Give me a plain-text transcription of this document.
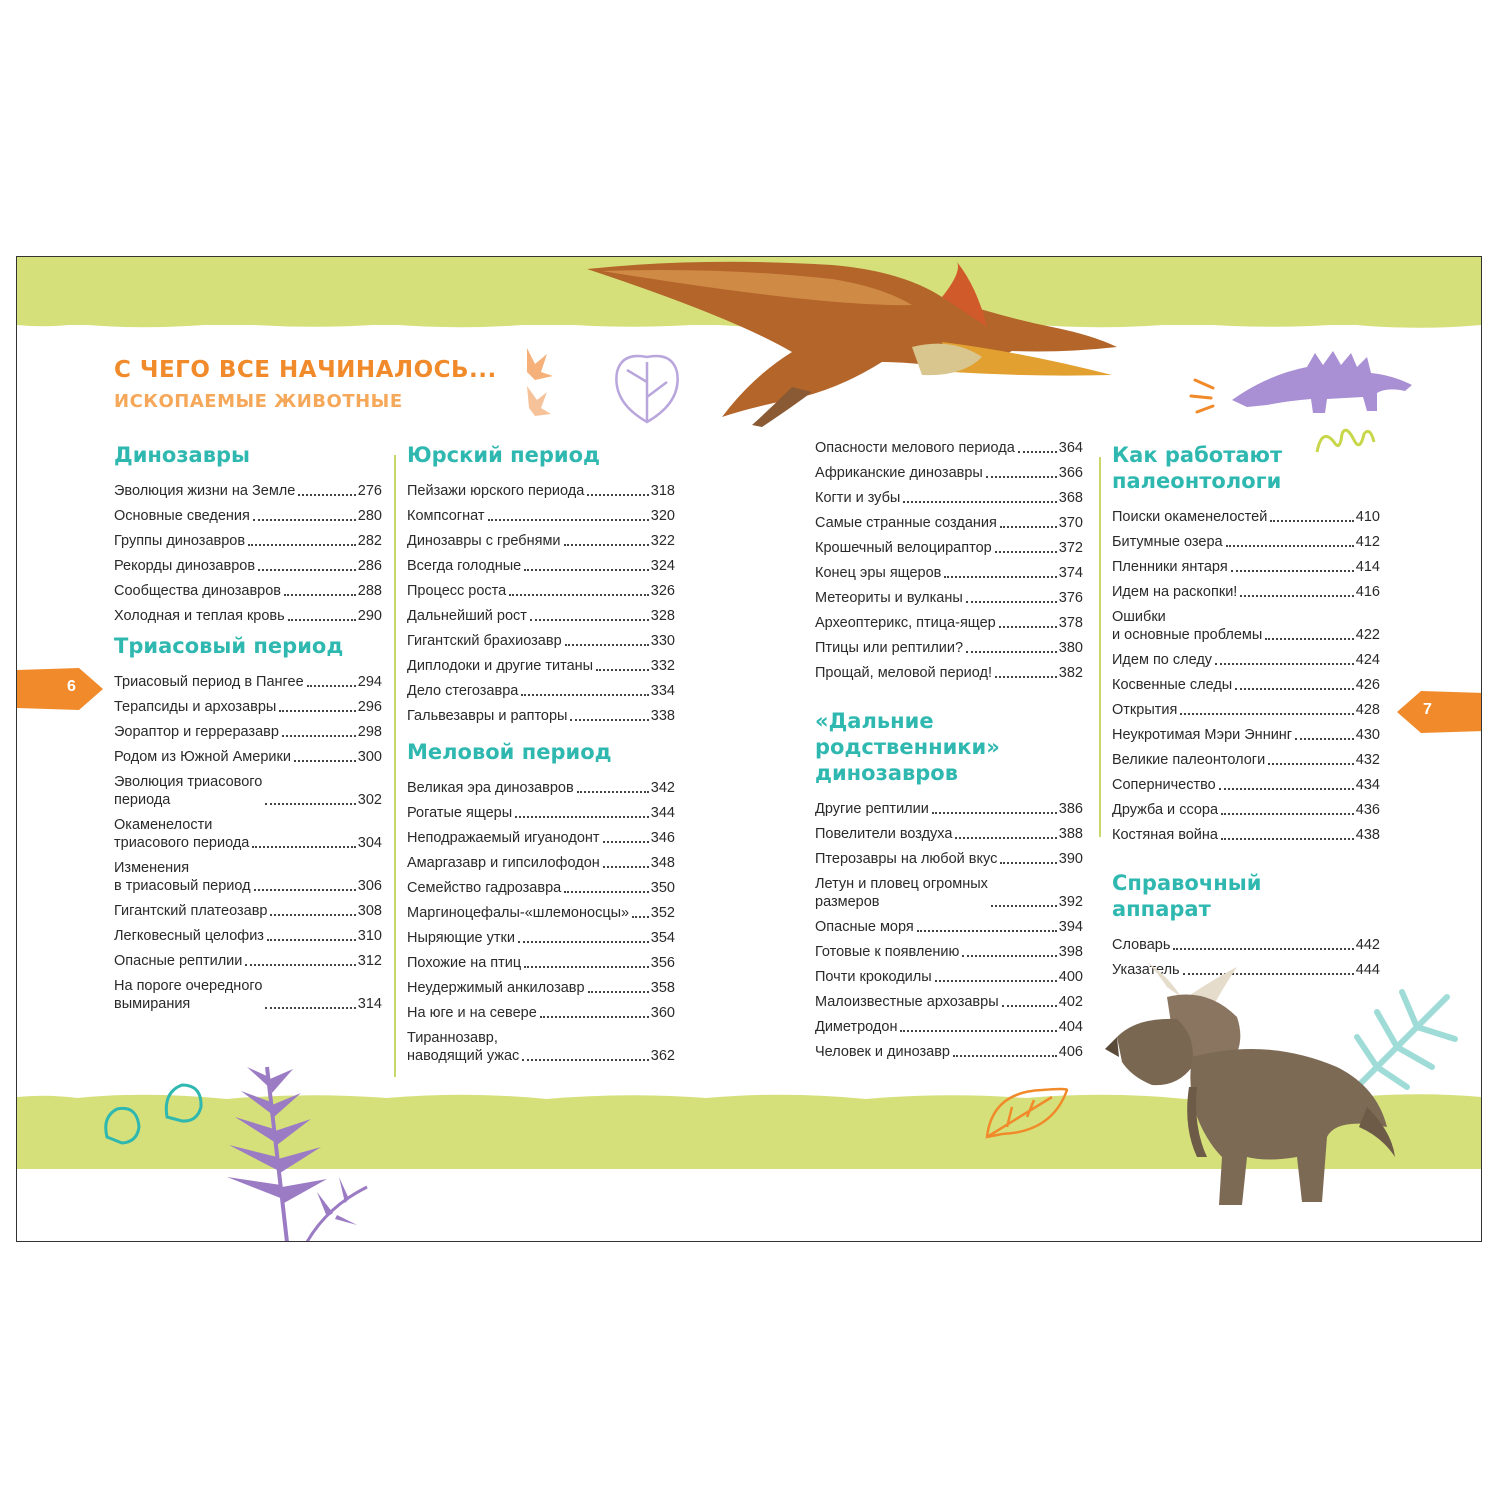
6
7
С ЧЕГО ВСЕ НАЧИНАЛОСЬ...
ИСКОПАЕМЫЕ ЖИВОТНЫЕ
Динозавры
Эволюция жизни на Земле	276
Основные сведения	280
Группы динозавров	282
Рекорды динозавров	286
Сообщества динозавров	288
Холодная и теплая кровь	290
Триасовый период
Триасовый период в Пангее	294
Терапсиды и архозавры	296
Эораптор и герреразавр	298
Родом из Южной Америки	300
Эволюция триасового
периода	302
Окаменелости
триасового периода	304
Изменения
в триасовый период	306
Гигантский платеозавр	308
Легковесный целофиз	310
Опасные рептилии	312
На пороге очередного
вымирания	314
Юрский период
Пейзажи юрского периода	318
Компсогнат	320
Динозавры с гребнями	322
Всегда голодные	324
Процесс роста	326
Дальнейший рост	328
Гигантский брахиозавр	330
Диплодоки и другие титаны	332
Дело стегозавра	334
Гальвезавры и рапторы	338
Меловой период
Великая эра динозавров	342
Рогатые ящеры	344
Неподражаемый игуанодонт	346
Амаргазавр и гипсилофодон	348
Семейство гадрозавра	350
Маргиноцефалы-«шлемоносцы» 352
Ныряющие утки	354
Похожие на птиц	356
Неудержимый анкилозавр	358
На юге и на севере	360
Тираннозавр,
наводящий ужас	362
Опасности мелового периода	364
Африканские динозавры	366
Когти и зубы	368
Самые странные создания	370
Крошечный велоцираптор	372
Конец эры ящеров	374
Метеориты и вулканы	376
Археоптерикс, птица-ящер	378
Птицы или рептилии?	380
Прощай, меловой период!	382
«Дальние
родственники»
динозавров
Другие рептилии	386
Повелители воздуха	388
Птерозавры на любой вкус	390
Летун и пловец огромных
размеров	392
Опасные моря	394
Готовые к появлению	398
Почти крокодилы	400
Малоизвестные архозавры	402
Диметродон	404
Человек и динозавр	406
Как работают
палеонтологи
Поиски окаменелостей	410
Битумные озера	412
Пленники янтаря	414
Идем на раскопки!	416
Ошибки
и основные проблемы	422
Идем по следу	424
Косвенные следы	426
Открытия	428
Неукротимая Мэри Эннинг	430
Великие палеонтологи	432
Соперничество	434
Дружба и ссора	436
Костяная война	438
Справочный
аппарат
Словарь	442
Указатель	444
